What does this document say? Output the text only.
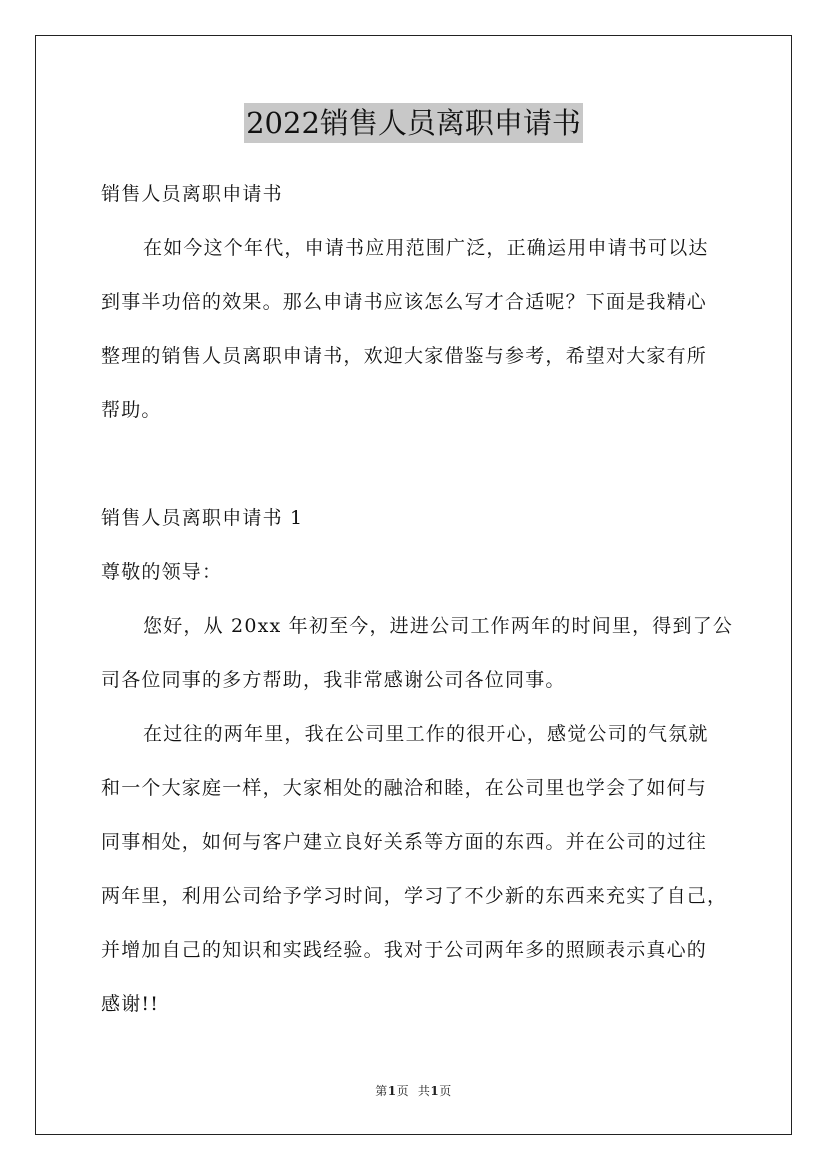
2022销售人员离职申请书
销售人员离职申请书
在如今这个年代，申请书应用范围广泛，正确运用申请书可以达
到事半功倍的效果。那么申请书应该怎么写才合适呢？下面是我精心
整理的销售人员离职申请书，欢迎大家借鉴与参考，希望对大家有所
帮助。
销售人员离职申请书 1
尊敬的领导：
您好，从 20xx 年初至今，进进公司工作两年的时间里，得到了公
司各位同事的多方帮助，我非常感谢公司各位同事。
在过往的两年里，我在公司里工作的很开心，感觉公司的气氛就
和一个大家庭一样，大家相处的融洽和睦，在公司里也学会了如何与
同事相处，如何与客户建立良好关系等方面的东西。并在公司的过往
两年里，利用公司给予学习时间，学习了不少新的东西来充实了自己，
并增加自己的知识和实践经验。我对于公司两年多的照顾表示真心的
感谢!!
第1页 共1页
